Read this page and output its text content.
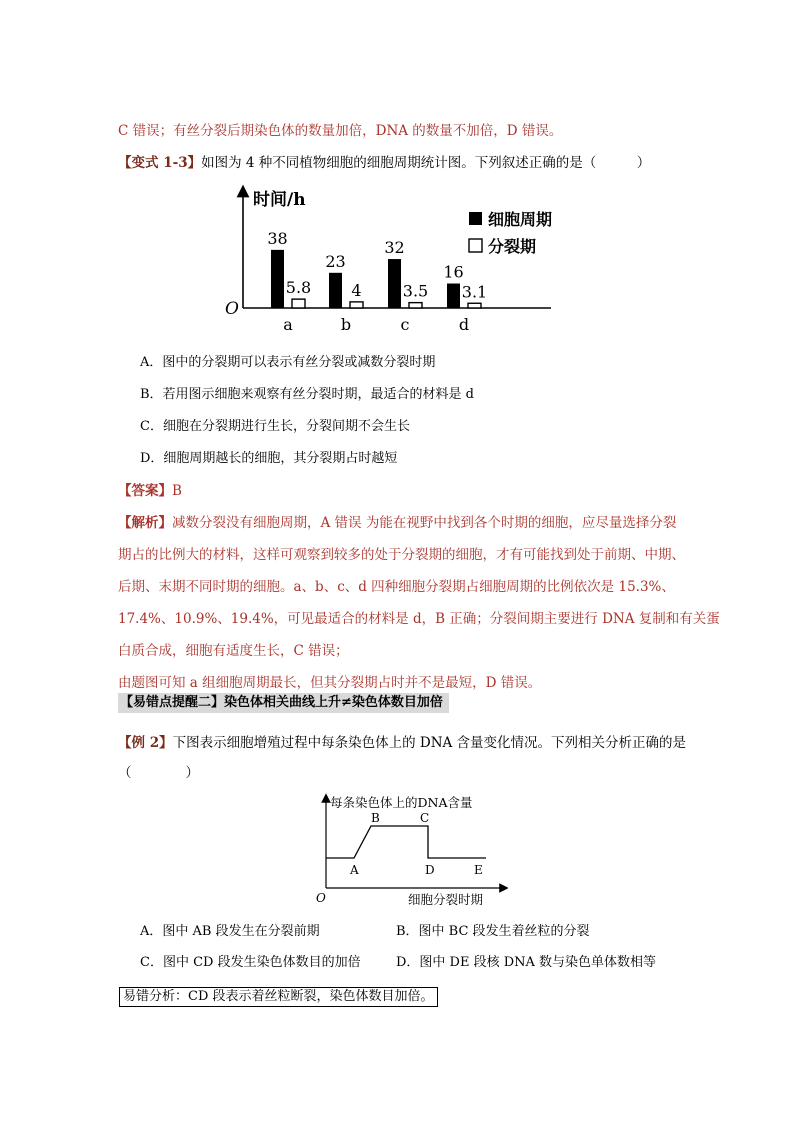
C 错误；有丝分裂后期染色体的数量加倍，DNA 的数量不加倍，D 错误。
【变式 1-3】如图为 4 种不同植物细胞的细胞周期统计图。下列叙述正确的是（　　　）
时间/h
O
38
5.8
a
23
4
b
32
3.5
c
16
3.1
d
细胞周期
分裂期
A．图中的分裂期可以表示有丝分裂或减数分裂时期
B．若用图示细胞来观察有丝分裂时期，最适合的材料是 d
C．细胞在分裂期进行生长，分裂间期不会生长
D．细胞周期越长的细胞，其分裂期占时越短
【答案】B
【解析】减数分裂没有细胞周期，A 错误 为能在视野中找到各个时期的细胞，应尽量选择分裂
期占的比例大的材料，这样可观察到较多的处于分裂期的细胞，才有可能找到处于前期、中期、
后期、末期不同时期的细胞。a、b、c、d 四种细胞分裂期占细胞周期的比例依次是 15.3%、
17.4%、10.9%、19.4%，可见最适合的材料是 d，B 正确；分裂间期主要进行 DNA 复制和有关蛋
白质合成，细胞有适度生长，C 错误；
由题图可知 a 组细胞周期最长，但其分裂期占时并不是最短，D 错误。
【易错点提醒二】染色体相关曲线上升≠染色体数目加倍
【例 2】下图表示细胞增殖过程中每条染色体上的 DNA 含量变化情况。下列相关分析正确的是
（　　　　）
每条染色体上的DNA含量
O	细胞分裂时期
A
B	C
D	E
A．图中 AB 段发生在分裂前期	B．图中 BC 段发生着丝粒的分裂
C．图中 CD 段发生染色体数目的加倍	D．图中 DE 段核 DNA 数与染色单体数相等
易错分析：CD 段表示着丝粒断裂，染色体数目加倍。
